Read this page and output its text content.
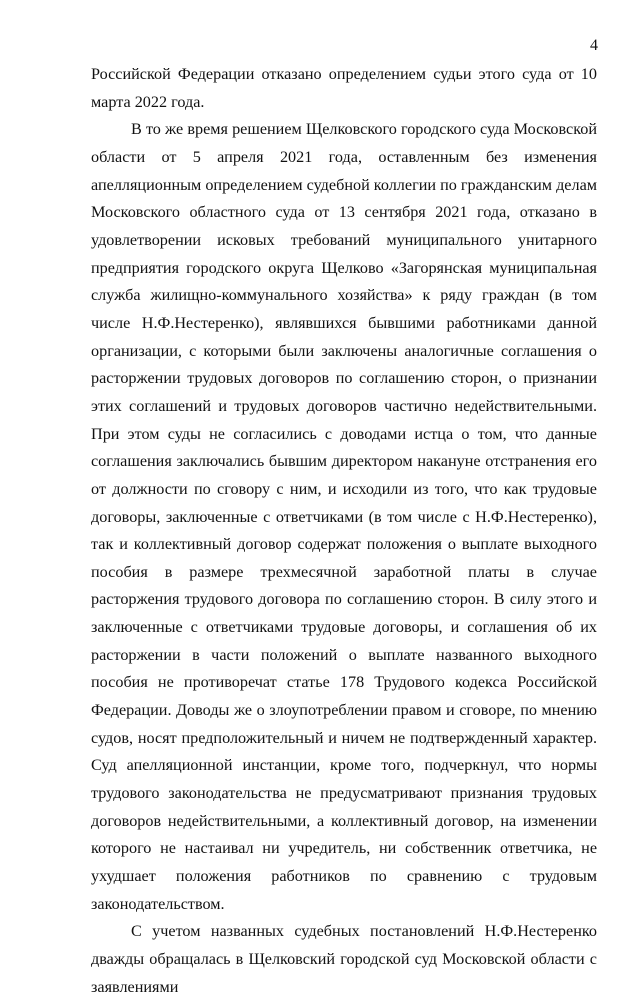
4

Российской Федерации отказано определением судьи этого суда от 10 марта 2022 года.

В то же время решением Щелковского городского суда Московской области от 5 апреля 2021 года, оставленным без изменения апелляционным определением судебной коллегии по гражданским делам Московского областного суда от 13 сентября 2021 года, отказано в удовлетворении исковых требований муниципального унитарного предприятия городского округа Щелково «Загорянская муниципальная служба жилищно-коммунального хозяйства» к ряду граждан (в том числе Н.Ф.Нестеренко), являвшихся бывшими работниками данной организации, с которыми были заключены аналогичные соглашения о расторжении трудовых договоров по соглашению сторон, о признании этих соглашений и трудовых договоров частично недействительными. При этом суды не согласились с доводами истца о том, что данные соглашения заключались бывшим директором накануне отстранения его от должности по сговору с ним, и исходили из того, что как трудовые договоры, заключенные с ответчиками (в том числе с Н.Ф.Нестеренко), так и коллективный договор содержат положения о выплате выходного пособия в размере трехмесячной заработной платы в случае расторжения трудового договора по соглашению сторон. В силу этого и заключенные с ответчиками трудовые договоры, и соглашения об их расторжении в части положений о выплате названного выходного пособия не противоречат статье 178 Трудового кодекса Российской Федерации. Доводы же о злоупотреблении правом и сговоре, по мнению судов, носят предположительный и ничем не подтвержденный характер. Суд апелляционной инстанции, кроме того, подчеркнул, что нормы трудового законодательства не предусматривают признания трудовых договоров недействительными, а коллективный договор, на изменении которого не настаивал ни учредитель, ни собственник ответчика, не ухудшает положения работников по сравнению с трудовым законодательством.

С учетом названных судебных постановлений Н.Ф.Нестеренко дважды обращалась в Щелковский городской суд Московской области с заявлениями
